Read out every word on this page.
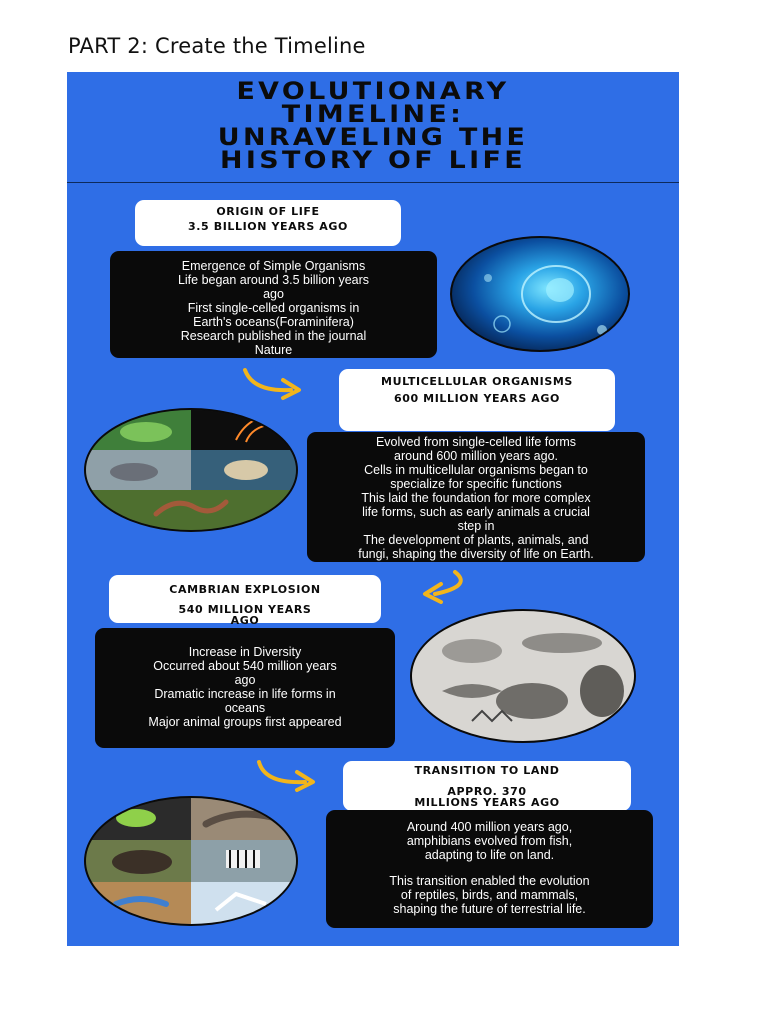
PART 2: Create the Timeline
EVOLUTIONARY
TIMELINE:
UNRAVELING THE
HISTORY OF LIFE
ORIGIN OF LIFE
3.5 BILLION YEARS AGO
Emergence of Simple Organisms
Life began around 3.5 billion years
ago
First single-celled organisms in
Earth's oceans(Foraminifera)
Research published in the journal
Nature
MULTICELLULAR ORGANISMS
600 MILLION YEARS AGO
Evolved from single-celled life forms
around 600 million years ago.
Cells in multicellular organisms began to
specialize for specific functions
This laid the foundation for more complex
life forms, such as early animals a crucial
step in
The development of plants, animals, and
fungi, shaping the diversity of life on Earth.
CAMBRIAN EXPLOSION
540 MILLION YEARS AGO
Increase in Diversity
Occurred about 540 million years
ago
Dramatic increase in life forms in
oceans
Major animal groups first appeared
TRANSITION TO LAND
APPRO. 370 MILLIONS YEARS AGO
Around 400 million years ago,
amphibians evolved from fish,
adapting to life on land.
This transition enabled the evolution
of reptiles, birds, and mammals,
shaping the future of terrestrial life.
